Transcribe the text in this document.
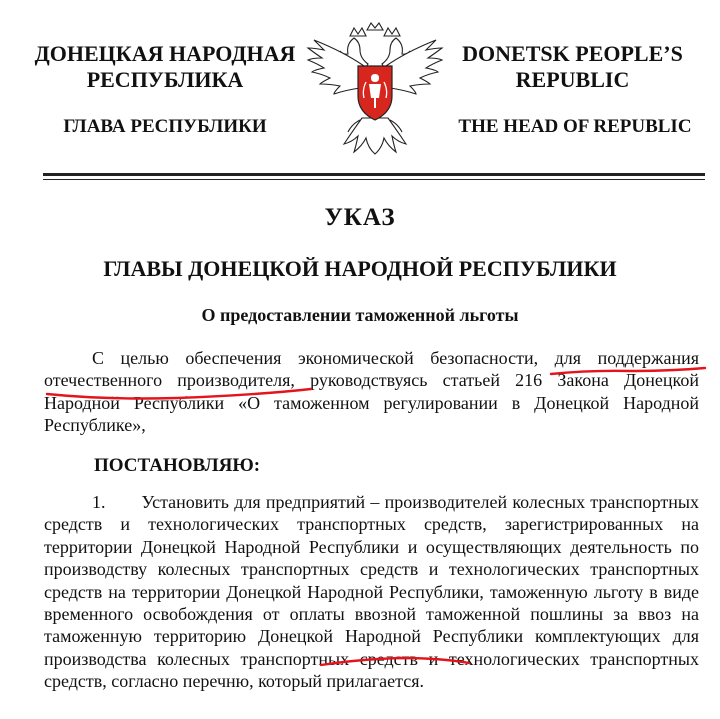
ДОНЕЦКАЯ НАРОДНАЯ
РЕСПУБЛИКА
ГЛАВА РЕСПУБЛИКИ
DONETSK PEOPLE’S
REPUBLIC
THE HEAD OF REPUBLIC
УКАЗ
ГЛАВЫ ДОНЕЦКОЙ НАРОДНОЙ РЕСПУБЛИКИ
О предоставлении таможенной льготы
С целью обеспечения экономической безопасности, для поддержания отечественного производителя, руководствуясь статьей 216 Закона Донецкой Народной Республики «О таможенном регулировании в Донецкой Народной Республике»,
ПОСТАНОВЛЯЮ:
1.  Установить для предприятий – производителей колесных транспортных средств и технологических транспортных средств, зарегистрированных на территории Донецкой Народной Республики и осуществляющих деятельность по производству колесных транспортных средств и технологических транспортных средств на территории Донецкой Народной Республики, таможенную льготу в виде временного освобождения от оплаты ввозной таможенной пошлины за ввоз на таможенную территорию Донецкой Народной Республики комплектующих для производства колесных транспортных средств и технологических транспортных средств, согласно перечню, который прилагается.
